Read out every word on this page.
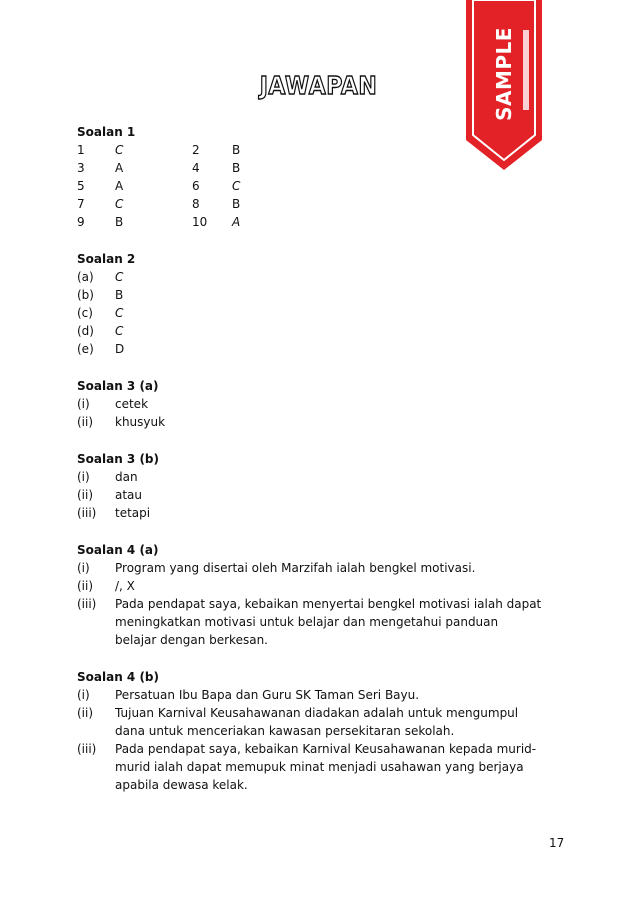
SAMPLE
JAWAPAN
Soalan 1
1	C	2	B
3	A	4	B
5	A	6	C
7	C	8	B
9	B	10 A
Soalan 2
(a)	C
(b)	B
(c)	C
(d)	C
(e)	D
Soalan 3 (a)
(i)	cetek
(ii)	khusyuk
Soalan 3 (b)
(i)	dan
(ii)	atau
(iii)	tetapi
Soalan 4 (a)
(i)	Program yang disertai oleh Marzifah ialah bengkel motivasi.
(ii)	/, X
(iii)	Pada pendapat saya, kebaikan menyertai bengkel motivasi ialah dapat meningkatkan motivasi untuk belajar dan mengetahui panduan belajar dengan berkesan.
Soalan 4 (b)
(i)	Persatuan Ibu Bapa dan Guru SK Taman Seri Bayu.
(ii)	Tujuan Karnival Keusahawanan diadakan adalah untuk mengumpul dana untuk menceriakan kawasan persekitaran sekolah.
(iii)	Pada pendapat saya, kebaikan Karnival Keusahawanan kepada murid-murid ialah dapat memupuk minat menjadi usahawan yang berjaya apabila dewasa kelak.
17
